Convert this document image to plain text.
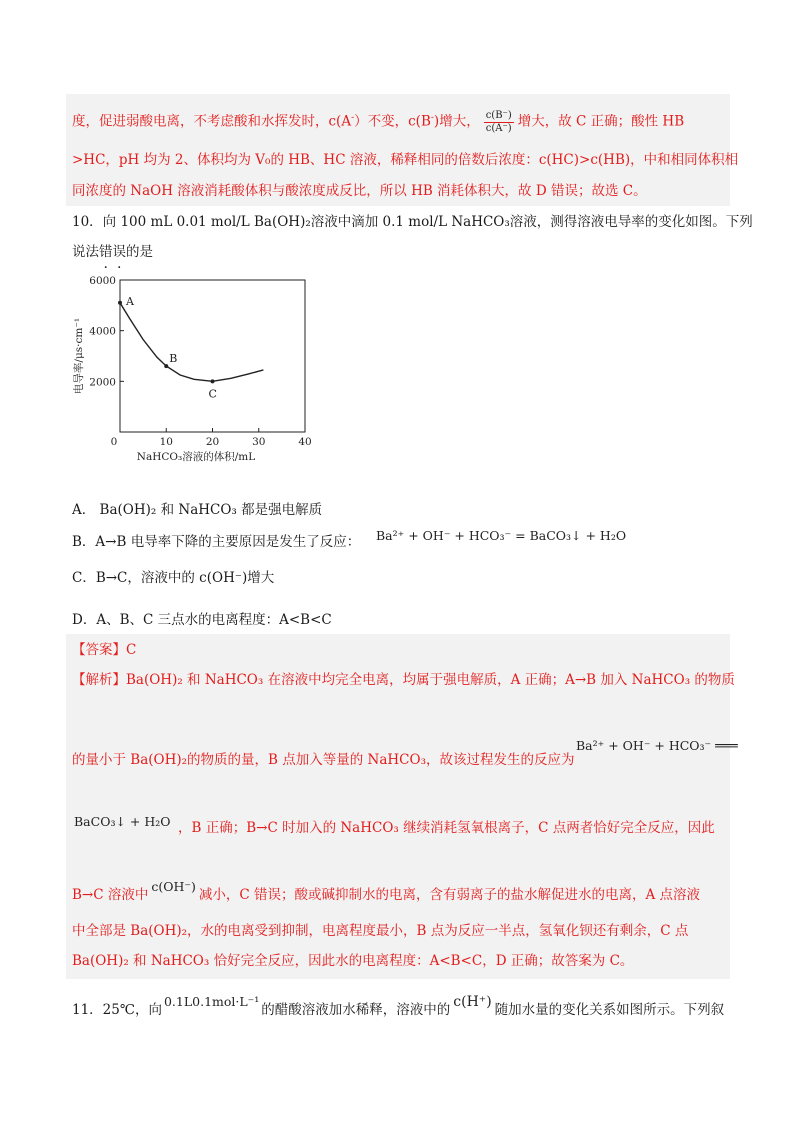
度，促进弱酸电离，不考虑酸和水挥发时，c(A-）不变，c(B-)增大， $\frac{c(B^-)}{c(A^-)}$ 增大，故 C 正确；酸性 HB
>HC，pH 均为 2、体积均为 V₀的 HB、HC 溶液，稀释相同的倍数后浓度：c(HC)>c(HB)，中和相同体积相
同浓度的 NaOH 溶液消耗酸体积与酸浓度成反比，所以 HB 消耗体积大，故 D 错误；故选 C。
10．向 100 mL 0.01 mol/L Ba(OH)₂溶液中滴加 0.1 mol/L NaHCO₃溶液，测得溶液电导率的变化如图。下列
说法错误的是
0	10	20	30	40
2000
4000
6000
A
B
C
电导率/μs·cm⁻¹
NaHCO₃溶液的体积/mL
A． Ba(OH)₂ 和 NaHCO₃ 都是强电解质
B．A→B 电导率下降的主要原因是发生了反应： Ba²⁺ + OH⁻ + HCO₃⁻ = BaCO₃↓ + H₂O
C．B→C，溶液中的 c(OH⁻)增大
D．A、B、C 三点水的电离程度：A<B<C
【答案】C
【解析】Ba(OH)₂ 和 NaHCO₃ 在溶液中均完全电离，均属于强电解质，A 正确；A→B 加入 NaHCO₃ 的物质
的量小于 Ba(OH)₂的物质的量，B 点加入等量的 NaHCO₃，故该过程发生的反应为
Ba²⁺ + OH⁻ + HCO₃⁻ ═══
BaCO₃↓ + H₂O ，B 正确；B→C 时加入的 NaHCO₃ 继续消耗氢氧根离子，C 点两者恰好完全反应，因此
B→C 溶液中c(OH⁻)减小，C 错误；酸或碱抑制水的电离，含有弱离子的盐水解促进水的电离，A 点溶液
中全部是 Ba(OH)₂，水的电离受到抑制，电离程度最小，B 点为反应一半点，氢氧化钡还有剩余，C 点
Ba(OH)₂ 和 NaHCO₃ 恰好完全反应，因此水的电离程度：A<B<C，D 正确；故答案为 C。
11．25℃，向0.1L0.1mol·L⁻¹的醋酸溶液加水稀释，溶液中的 c(H⁺) 随加水量的变化关系如图所示。下列叙
